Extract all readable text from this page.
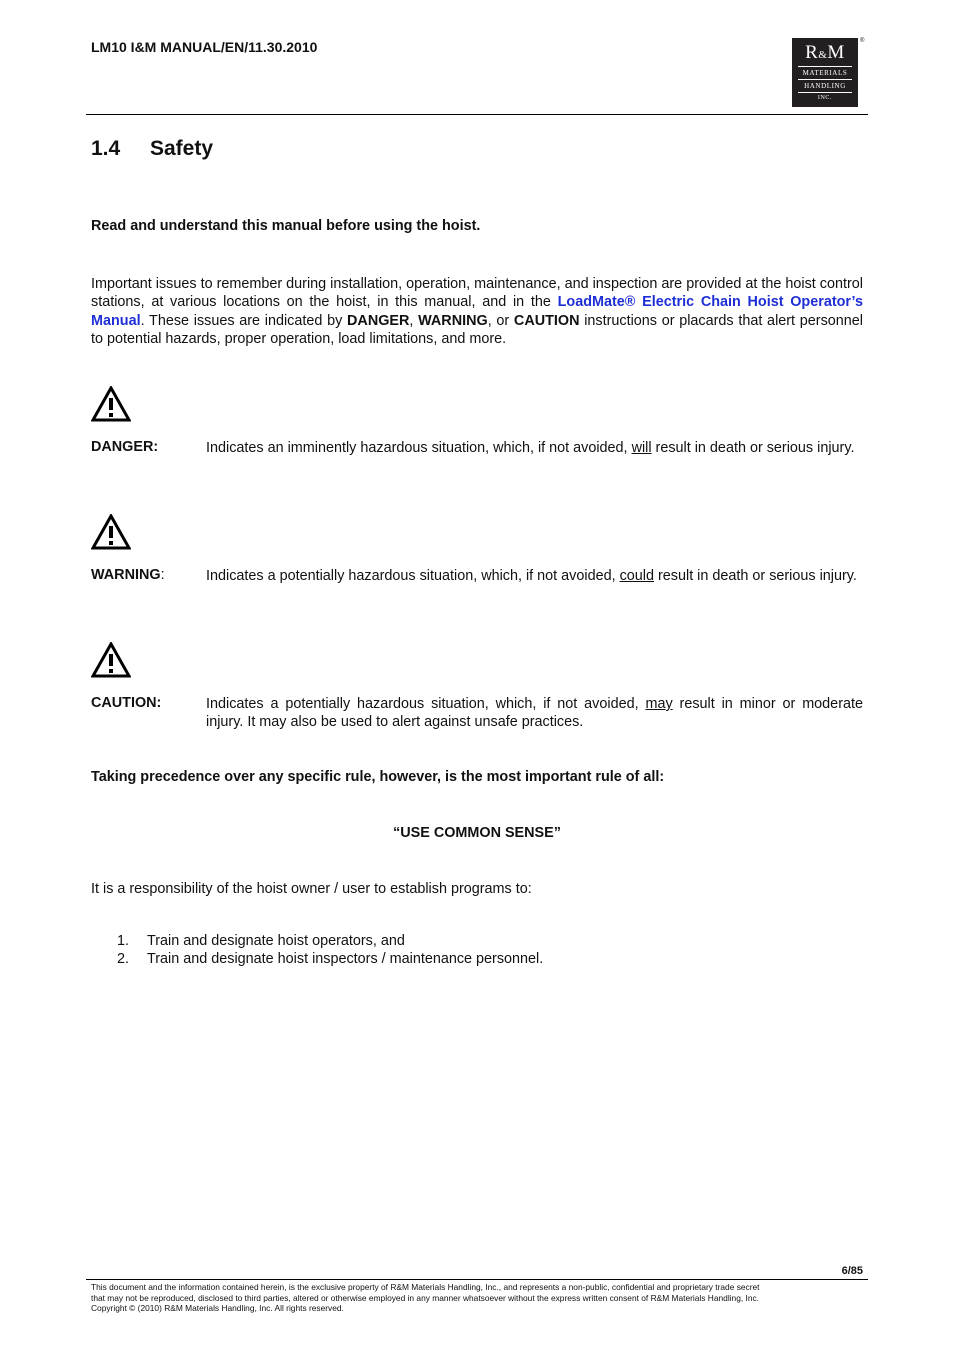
LM10 I&M MANUAL/EN/11.30.2010	R&M
MATERIALS
HANDLING
INC.
®
1.4 Safety
Read and understand this manual before using the hoist.
Important issues to remember during installation, operation, maintenance, and inspection are provided at the hoist control stations, at various locations on the hoist, in this manual, and in the LoadMate® Electric Chain Hoist Operator’s Manual. These issues are indicated by DANGER, WARNING, or CAUTION instructions or placards that alert personnel to potential hazards, proper operation, load limitations, and more.
DANGER:	Indicates an imminently hazardous situation, which, if not avoided, will result in death or serious injury.
WARNING:	Indicates a potentially hazardous situation, which, if not avoided, could result in death or serious injury.
CAUTION:	Indicates a potentially hazardous situation, which, if not avoided, may result in minor or moderate injury. It may also be used to alert against unsafe practices.
Taking precedence over any specific rule, however, is the most important rule of all:
“USE COMMON SENSE”
It is a responsibility of the hoist owner / user to establish programs to:
1. Train and designate hoist operators, and
2. Train and designate hoist inspectors / maintenance personnel.
6/85
This document and the information contained herein, is the exclusive property of R&M Materials Handling, Inc., and represents a non-public, confidential and proprietary trade secret
that may not be reproduced, disclosed to third parties, altered or otherwise employed in any manner whatsoever without the express written consent of R&M Materials Handling, Inc.
Copyright © (2010) R&M Materials Handling, Inc. All rights reserved.
